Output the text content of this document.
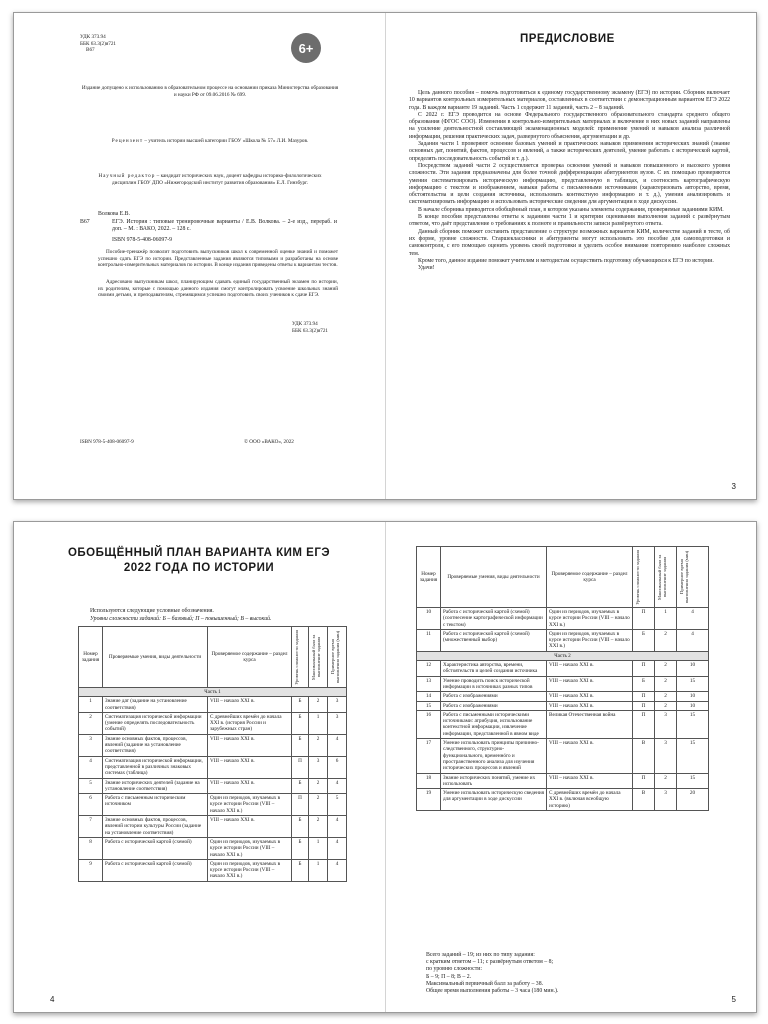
УДК 373.94
ББК 63.3(2)я721
В67	6+
Издание допущено к использованию в образовательном процессе на основании приказа Министерства образования и науки РФ от 09.06.2016 № 699.
Рецензент – учитель истории высшей категории ГБОУ «Школа № 57» Л.И. Мазуров.
Научный редактор – кандидат исторических наук, доцент кафедры историко-филологических дисциплин ГБОУ ДПО «Нижегородский институт развития образования» Е.Л. Гинзбург.
Волкова Е.В.
В67	ЕГЭ. История : типовые тренировочные варианты / Е.В. Волкова. – 2-е изд., перераб. и доп. – М. : ВАКО, 2022. – 128 с.
ISBN 978-5-408-06097-9
Пособие-тренажёр позволит подготовить выпускников школ к современной оценке знаний и поможет успешно сдать ЕГЭ по истории. Представленные задания являются типовыми и разработаны на основе контрольно-измерительных материалов по истории. В конце издания приведены ответы к вариантам тестов.
Адресовано выпускникам школ, планирующим сдавать единый государственный экзамен по истории, их родителям, которые с помощью данного издания смогут контролировать усвоение школьных знаний своими детьми, и преподавателям, стремящимся успешно подготовить своих учеников к сдаче ЕГЭ.
УДК 373.94
ББК 63.3(2)я721
ISBN 978-5-408-06097-9	© ООО «ВАКО», 2022
ПРЕДИСЛОВИЕ

Цель данного пособия – помочь подготовиться к единому государственному экзамену (ЕГЭ) по истории. Сборник включает 10 вариантов контрольных измерительных материалов, составленных в соответствии с демонстрационным вариантом ЕГЭ 2022 года. В каждом варианте 19 заданий. Часть 1 содержит 11 заданий, часть 2 – 8 заданий.

С 2022 г. ЕГЭ проводится на основе Федерального государственного образовательного стандарта среднего общего образования (ФГОС СОО). Изменения в контрольно-измерительных материалах и включение в них новых заданий направлены на усиление деятельностной составляющей экзаменационных моделей: применение умений и навыков анализа различной информации, решения практических задач, развернутого объяснения, аргументации и др.

Задания части 1 проверяют освоение базовых умений и практических навыков применения исторических знаний (знание основных дат, понятий, фактов, процессов и явлений, а также исторических деятелей, умение работать с исторической картой, определять последовательность событий и т. д.).

Посредством заданий части 2 осуществляется проверка освоения умений и навыков повышенного и высокого уровня сложности. Эти задания предназначены для более точной дифференциации абитуриентов вузов. С их помощью проверяются умения систематизировать историческую информацию, представленную в таблицах, и соотносить картографическую информацию с текстом и изображением, навыки работы с письменными источниками (характеризовать авторство, время, обстоятельства и цели создания источника, использовать контекстную информацию и т. д.), умения анализировать и систематизировать информацию и использовать исторические сведения для аргументации в ходе дискуссии.

В начале сборника приводится обобщённый план, в котором указаны элементы содержания, проверяемые заданиями КИМ.

В конце пособия представлены ответы к заданиям части 1 и критерии оценивания выполнения заданий с развёрнутым ответом, что даёт представление о требованиях к полноте и правильности записи развёрнутого ответа.

Данный сборник поможет составить представление о структуре возможных вариантов КИМ, количестве заданий в тесте, об их форме, уровне сложности. Старшеклассники и абитуриенты могут использовать это пособие для самоподготовки и самоконтроля, с его помощью оценить уровень своей подготовки и уделить особое внимание повторению наиболее сложных тем.

Кроме того, данное издание поможет учителям и методистам осуществить подготовку обучающихся к ЕГЭ по истории.

Удачи!

3
ОБОБЩЁННЫЙ ПЛАН ВАРИАНТА КИМ ЕГЭ
2022 ГОДА ПО ИСТОРИИ
Используются следующие условные обозначения.
Уровни сложности заданий: Б – базовый; П – повышенный; В – высокий.
Номер задания	Проверяемые умения, виды деятельности	Проверяемое содержание – раздел курса	Уровень сложности задания	Максимальный балл за выполнение задания	Примерное время выполнения задания (мин)

Часть 1					
1	Знание дат (задание на установление соответствия)	VIII – начало XXI в.	Б	2	3
2	Систематизация исторической информации (умение определять последовательность событий)	С древнейших времён до начала XXI в. (история России и зарубежных стран)	Б	1	3
3	Знание основных фактов, процессов, явлений (задание на установление соответствия)	VIII – начало XXI в.	Б	2	4
4	Систематизация исторической информации, представленной в различных знаковых системах (таблица)	VIII – начало XXI в.	П	3	6
5	Знание исторических деятелей (задание на установление соответствия)	VIII – начало XXI в.	Б	2	4
6	Работа с письменным историческим источником	Один из периодов, изучаемых в курсе истории России (VIII – начало XXI в.)	П	2	5
7	Знание основных фактов, процессов, явлений истории культуры России (задание на установление соответствия)	VIII – начало XXI в.	Б	2	4
8	Работа с исторической картой (схемой)	Один из периодов, изучаемых в курсе истории России (VIII – начало XXI в.)	Б	1	4
9	Работа с исторической картой (схемой)	Один из периодов, изучаемых в курсе истории России (VIII – начало XXI в.)	Б	1	4
4
Номер задания	Проверяемые умения, виды деятельности	Проверяемое содержание – раздел курса	Уровень сложности задания	Максимальный балл за выполнение задания	Примерное время выполнения задания (мин)

10	Работа с исторической картой (схемой) (соотнесение картографической информации с текстом)	Один из периодов, изучаемых в курсе истории России (VIII – начало XXI в.)	П	1	4
11	Работа с исторической картой (схемой) (множественный выбор)	Один из периодов, изучаемых в курсе истории России (VIII – начало XXI в.)	Б	2	4
Часть 2					
12	Характеристика авторства, времени, обстоятельств и целей создания источника	VIII – начало XXI в.	П	2	10
13	Умение проводить поиск исторической информации в источниках разных типов	VIII – начало XXI в.	Б	2	15
14	Работа с изображениями	VIII – начало XXI в.	П	2	10
15	Работа с изображениями	VIII – начало XXI в.	П	2	10
16	Работа с письменными историческими источниками: атрибуция, использование контекстной информации, извлечение информации, представленной в явном виде	Великая Отечественная война	П	3	15
17	Умение использовать принципы причинно-следственного, структурно-функционального, временнóго и пространственного анализа для изучения исторических процессов и явлений	VIII – начало XXI в.	В	3	15
18	Знание исторических понятий, умение их использовать	VIII – начало XXI в.	П	2	15
19	Умение использовать историческую сведения для аргументации в ходе дискуссии	С древнейших времён до начала XXI в. (включая всеобщую историю)	В	3	20
Всего заданий – 19; из них по типу задания:
с кратким ответом – 11; с развёрнутым ответом – 8;
по уровню сложности:
Б – 9; П – 8; В – 2.
Максимальный первичный балл за работу – 38.
Общее время выполнения работы – 3 часа (180 мин.).
5
